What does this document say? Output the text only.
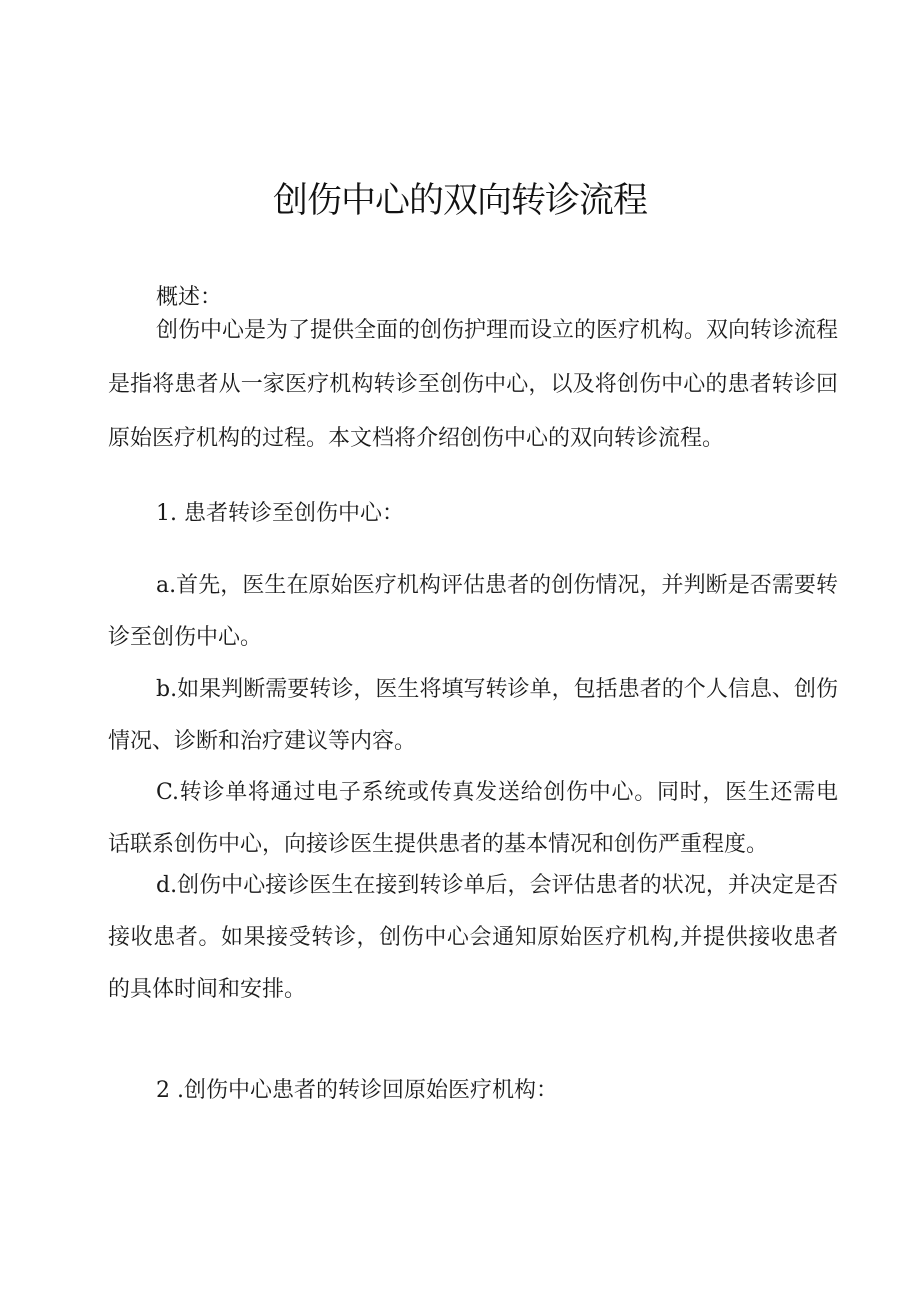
创伤中心的双向转诊流程
概述：
创伤中心是为了提供全面的创伤护理而设立的医疗机构。双向转诊流程是指将患者从一家医疗机构转诊至创伤中心，以及将创伤中心的患者转诊回原始医疗机构的过程。本文档将介绍创伤中心的双向转诊流程。
1. 患者转诊至创伤中心：
a.首先，医生在原始医疗机构评估患者的创伤情况，并判断是否需要转诊至创伤中心。
b.如果判断需要转诊，医生将填写转诊单，包括患者的个人信息、创伤情况、诊断和治疗建议等内容。
C.转诊单将通过电子系统或传真发送给创伤中心。同时，医生还需电话联系创伤中心，向接诊医生提供患者的基本情况和创伤严重程度。
d.创伤中心接诊医生在接到转诊单后，会评估患者的状况，并决定是否接收患者。如果接受转诊，创伤中心会通知原始医疗机构,并提供接收患者的具体时间和安排。
2 .创伤中心患者的转诊回原始医疗机构：
